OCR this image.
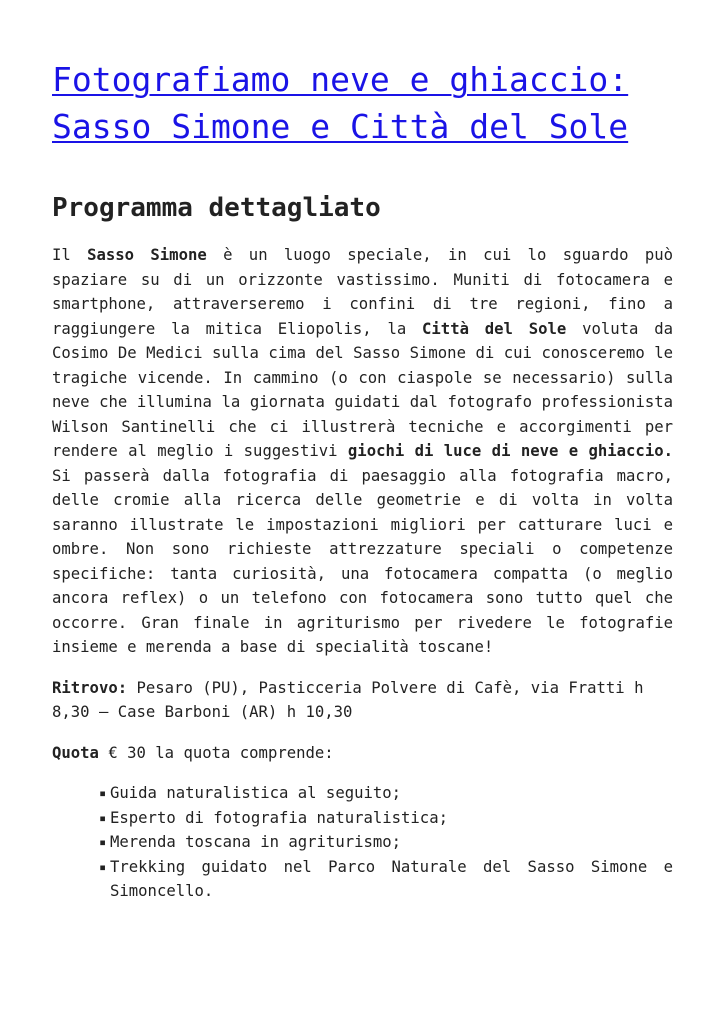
Fotografiamo neve e ghiaccio: Sasso Simone e Città del Sole
Programma dettagliato

Il Sasso Simone è un luogo speciale, in cui lo sguardo può spaziare su di un orizzonte vastissimo. Muniti di fotocamera e smartphone, attraverseremo i confini di tre regioni, fino a raggiungere la mitica Eliopolis, la Città del Sole voluta da Cosimo De Medici sulla cima del Sasso Simone di cui conosceremo le tragiche vicende. In cammino (o con ciaspole se necessario) sulla neve che illumina la giornata guidati dal fotografo professionista Wilson Santinelli che ci illustrerà tecniche e accorgimenti per rendere al meglio i suggestivi giochi di luce di neve e ghiaccio. Si passerà dalla fotografia di paesaggio alla fotografia macro, delle cromie alla ricerca delle geometrie e di volta in volta saranno illustrate le impostazioni migliori per catturare luci e ombre. Non sono richieste attrezzature speciali o competenze specifiche: tanta curiosità, una fotocamera compatta (o meglio ancora reflex) o un telefono con fotocamera sono tutto quel che occorre. Gran finale in agriturismo per rivedere le fotografie insieme e merenda a base di specialità toscane!

Ritrovo: Pesaro (PU), Pasticceria Polvere di Cafè, via Fratti h 8,30 – Case Barboni (AR) h 10,30

Quota € 30 la quota comprende:

▪ Guida naturalistica al seguito;
▪ Esperto di fotografia naturalistica;
▪ Merenda toscana in agriturismo;
▪ Trekking guidato nel Parco Naturale del Sasso Simone e Simoncello.
